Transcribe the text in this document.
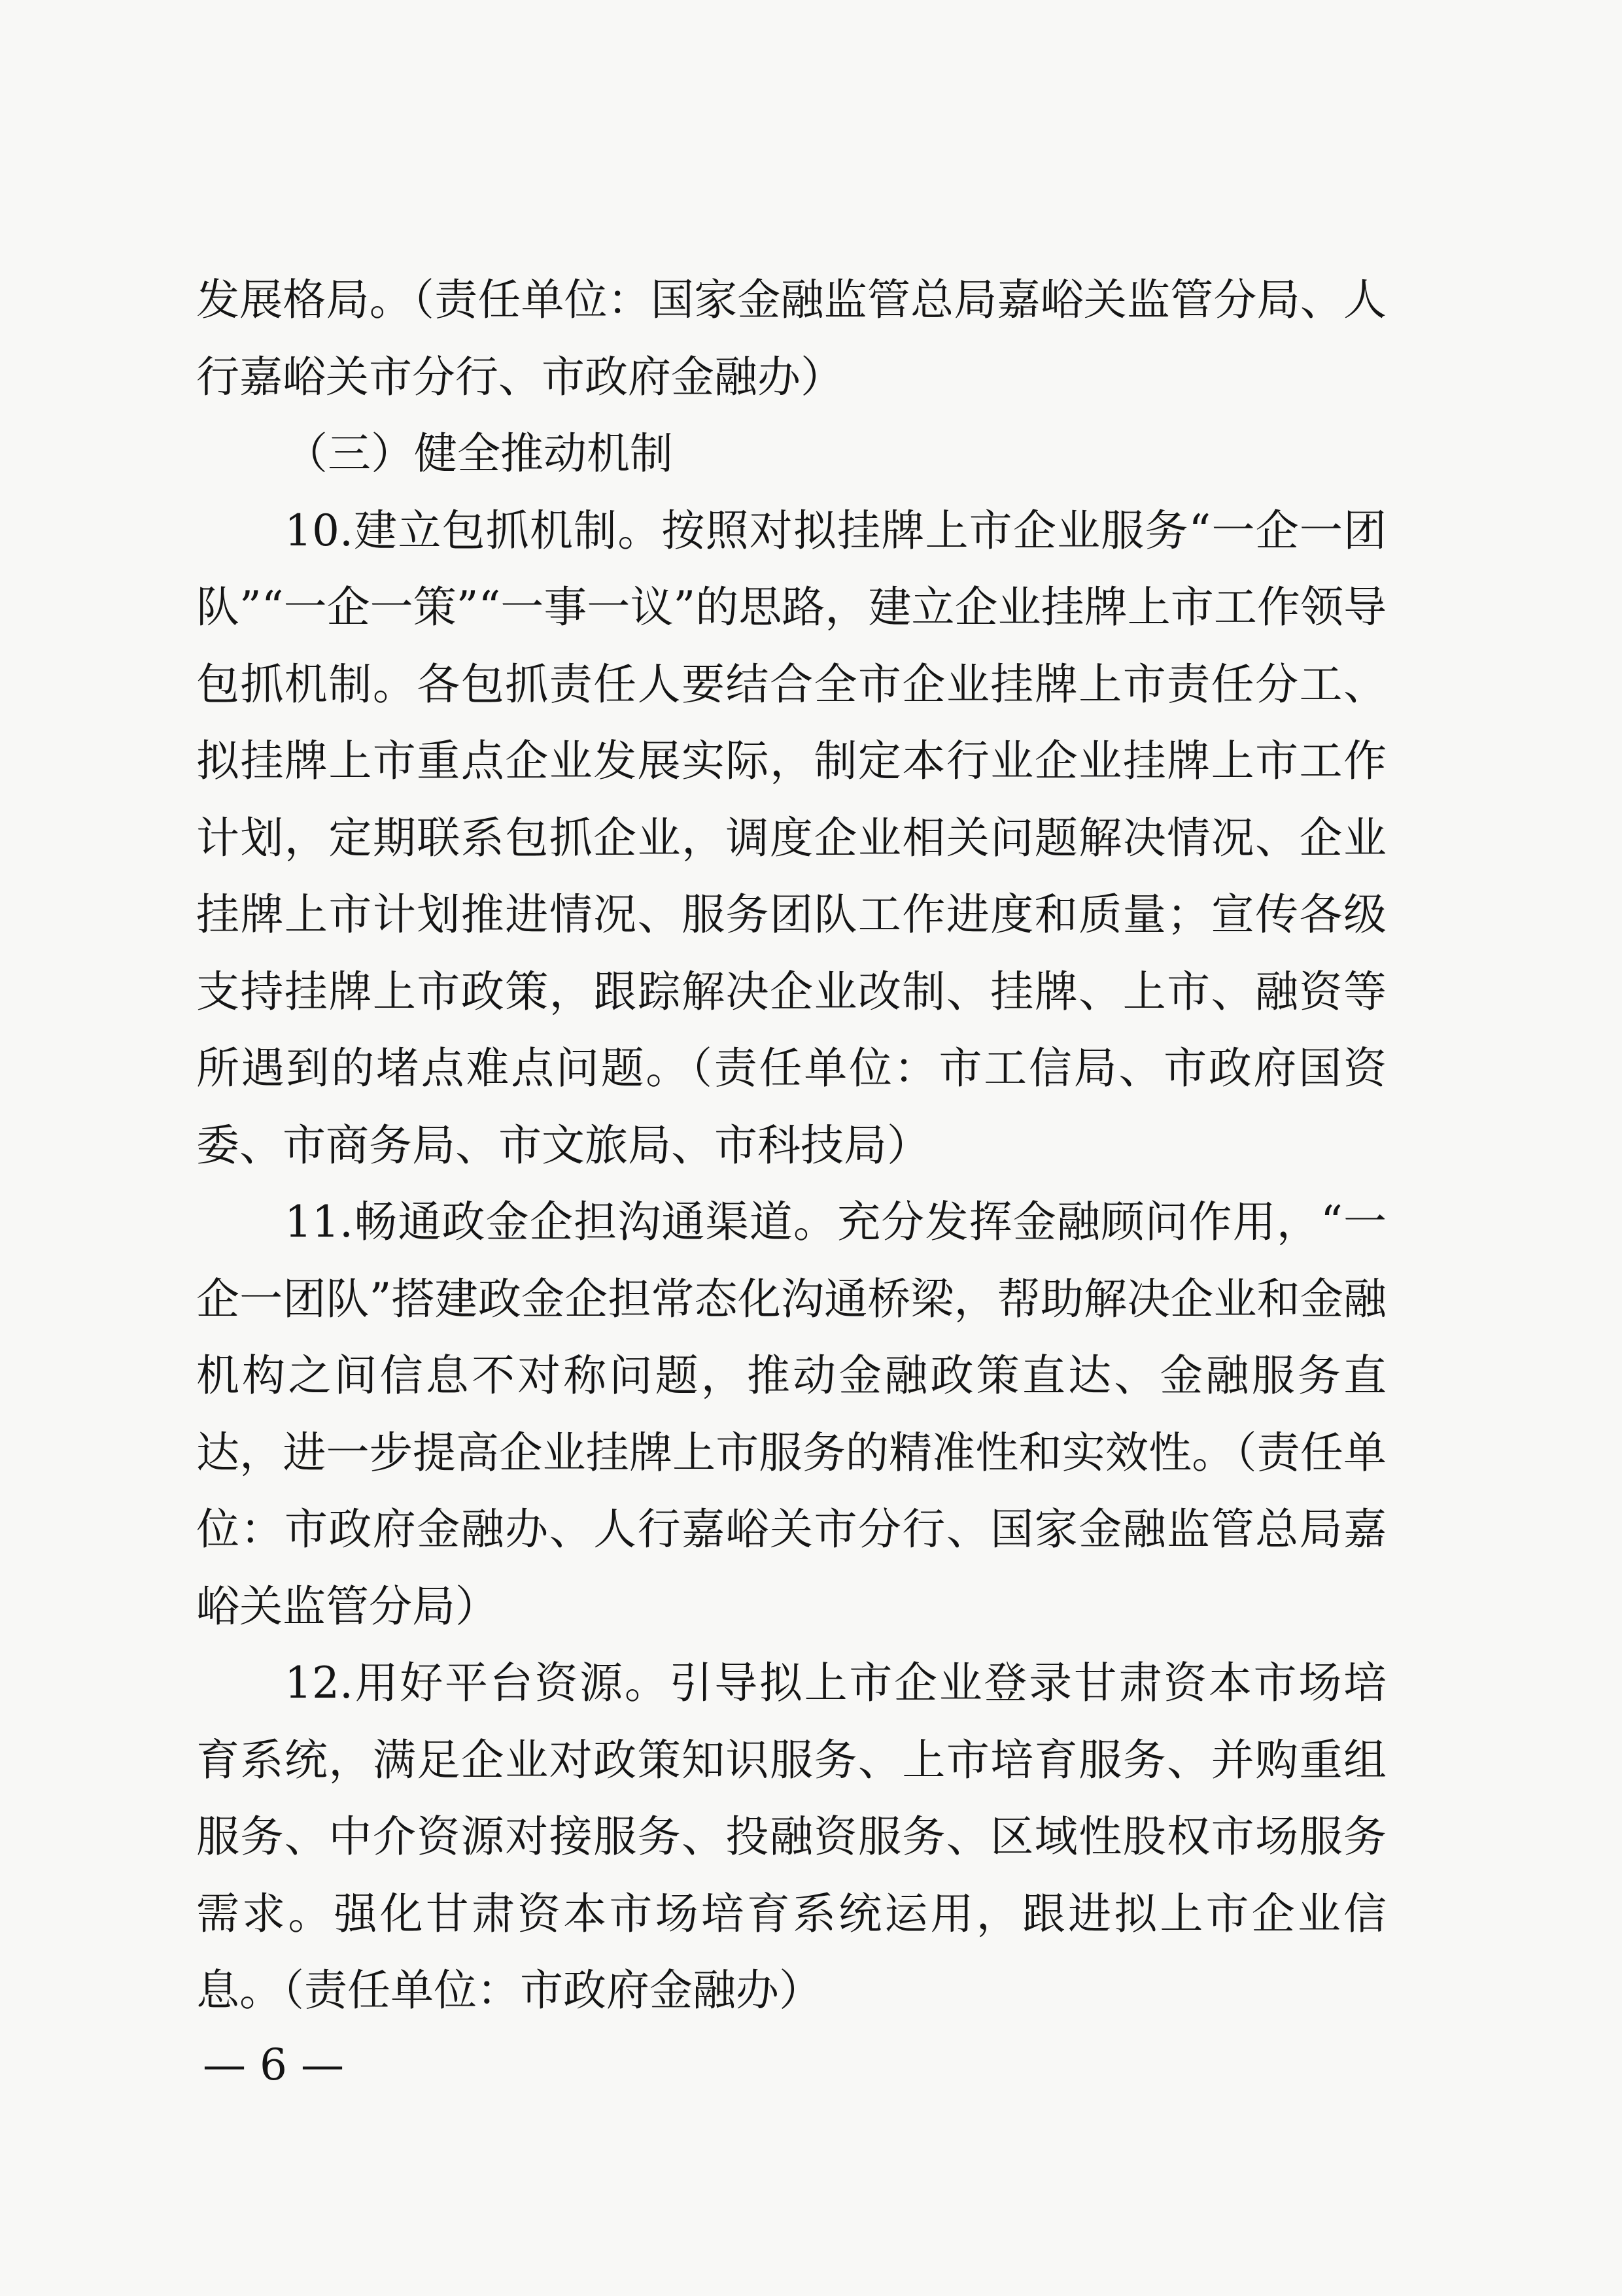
发展格局。（责任单位：国家金融监管总局嘉峪关监管分局、人行嘉峪关市分行、市政府金融办）

（三）健全推动机制

10.建立包抓机制。按照对拟挂牌上市企业服务“一企一团队”“一企一策”“一事一议”的思路，建立企业挂牌上市工作领导包抓机制。各包抓责任人要结合全市企业挂牌上市责任分工、拟挂牌上市重点企业发展实际，制定本行业企业挂牌上市工作计划，定期联系包抓企业，调度企业相关问题解决情况、企业挂牌上市计划推进情况、服务团队工作进度和质量；宣传各级支持挂牌上市政策，跟踪解决企业改制、挂牌、上市、融资等所遇到的堵点难点问题。（责任单位：市工信局、市政府国资委、市商务局、市文旅局、市科技局）

11.畅通政金企担沟通渠道。充分发挥金融顾问作用，“一企一团队”搭建政金企担常态化沟通桥梁，帮助解决企业和金融机构之间信息不对称问题，推动金融政策直达、金融服务直达，进一步提高企业挂牌上市服务的精准性和实效性。（责任单位：市政府金融办、人行嘉峪关市分行、国家金融监管总局嘉峪关监管分局）

12.用好平台资源。引导拟上市企业登录甘肃资本市场培育系统，满足企业对政策知识服务、上市培育服务、并购重组服务、中介资源对接服务、投融资服务、区域性股权市场服务需求。强化甘肃资本市场培育系统运用，跟进拟上市企业信息。（责任单位：市政府金融办）

— 6 —
